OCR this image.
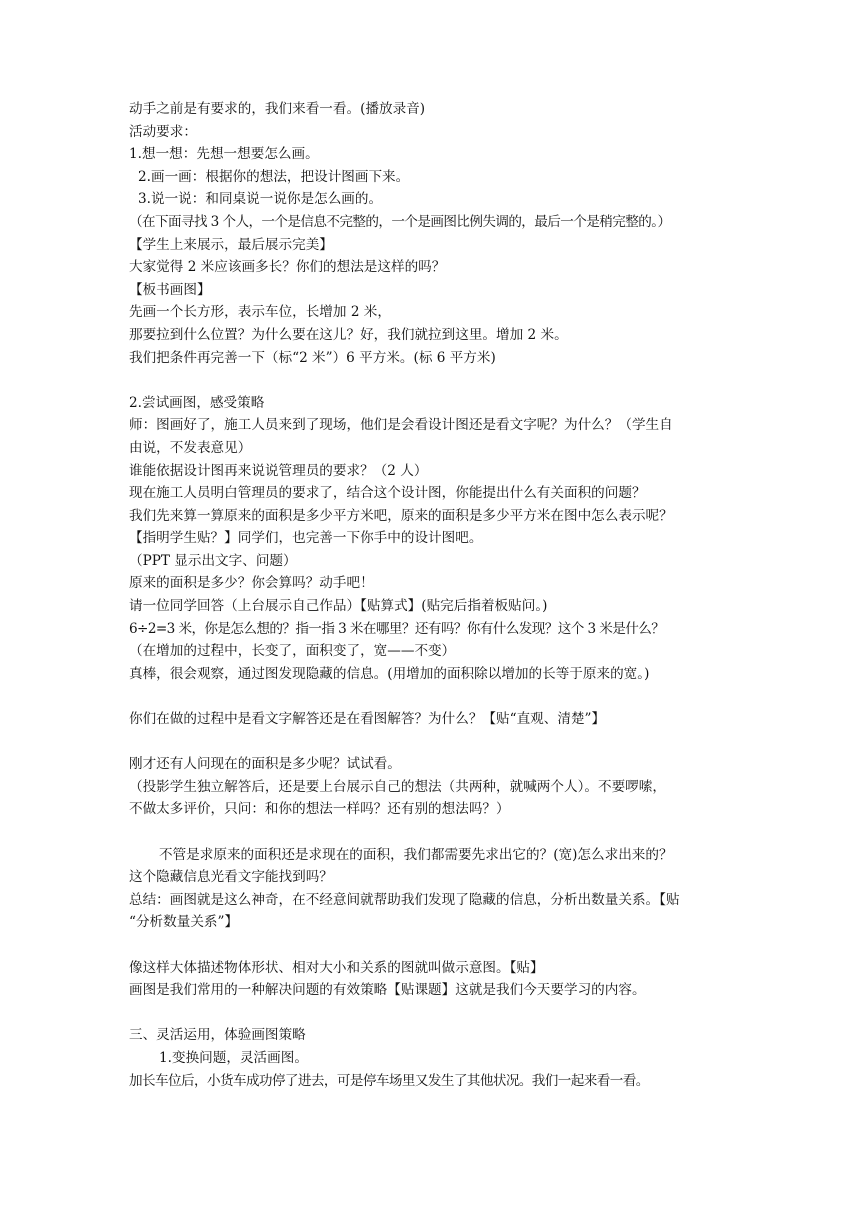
动手之前是有要求的，我们来看一看。(播放录音)
活动要求：
1.想一想：先想一想要怎么画。
2.画一画：根据你的想法，把设计图画下来。
3.说一说：和同桌说一说你是怎么画的。
（在下面寻找 3 个人，一个是信息不完整的，一个是画图比例失调的，最后一个是稍完整的。）
【学生上来展示，最后展示完美】
大家觉得 2 米应该画多长？你们的想法是这样的吗？
【板书画图】
先画一个长方形，表示车位，长增加 2 米，
那要拉到什么位置？为什么要在这儿？好，我们就拉到这里。增加 2 米。
我们把条件再完善一下（标“2 米”）6 平方米。(标 6 平方米)
2.尝试画图，感受策略
师：图画好了，施工人员来到了现场，他们是会看设计图还是看文字呢？为什么？（学生自
由说，不发表意见）
谁能依据设计图再来说说管理员的要求？（2 人）
现在施工人员明白管理员的要求了，结合这个设计图，你能提出什么有关面积的问题？
我们先来算一算原来的面积是多少平方米吧，原来的面积是多少平方米在图中怎么表示呢？
【指明学生贴？】同学们，也完善一下你手中的设计图吧。
（PPT 显示出文字、问题）
原来的面积是多少？你会算吗？动手吧！
请一位同学回答（上台展示自己作品）【贴算式】(贴完后指着板贴问。)
6÷2=3 米，你是怎么想的？指一指 3 米在哪里？还有吗？你有什么发现？这个 3 米是什么？
（在增加的过程中，长变了，面积变了，宽——不变）
真棒，很会观察，通过图发现隐藏的信息。(用增加的面积除以增加的长等于原来的宽。)
你们在做的过程中是看文字解答还是在看图解答？为什么？【贴“直观、清楚”】
刚才还有人问现在的面积是多少呢？试试看。
（投影学生独立解答后，还是要上台展示自己的想法（共两种，就喊两个人）。不要啰嗦，
不做太多评价，只问：和你的想法一样吗？还有别的想法吗？）
不管是求原来的面积还是求现在的面积，我们都需要先求出它的？(宽)怎么求出来的？
这个隐藏信息光看文字能找到吗？
总结：画图就是这么神奇，在不经意间就帮助我们发现了隐藏的信息，分析出数量关系。【贴
“分析数量关系”】
像这样大体描述物体形状、相对大小和关系的图就叫做示意图。【贴】
画图是我们常用的一种解决问题的有效策略【贴课题】这就是我们今天要学习的内容。
三、灵活运用，体验画图策略
1.变换问题，灵活画图。
加长车位后，小货车成功停了进去，可是停车场里又发生了其他状况。我们一起来看一看。
